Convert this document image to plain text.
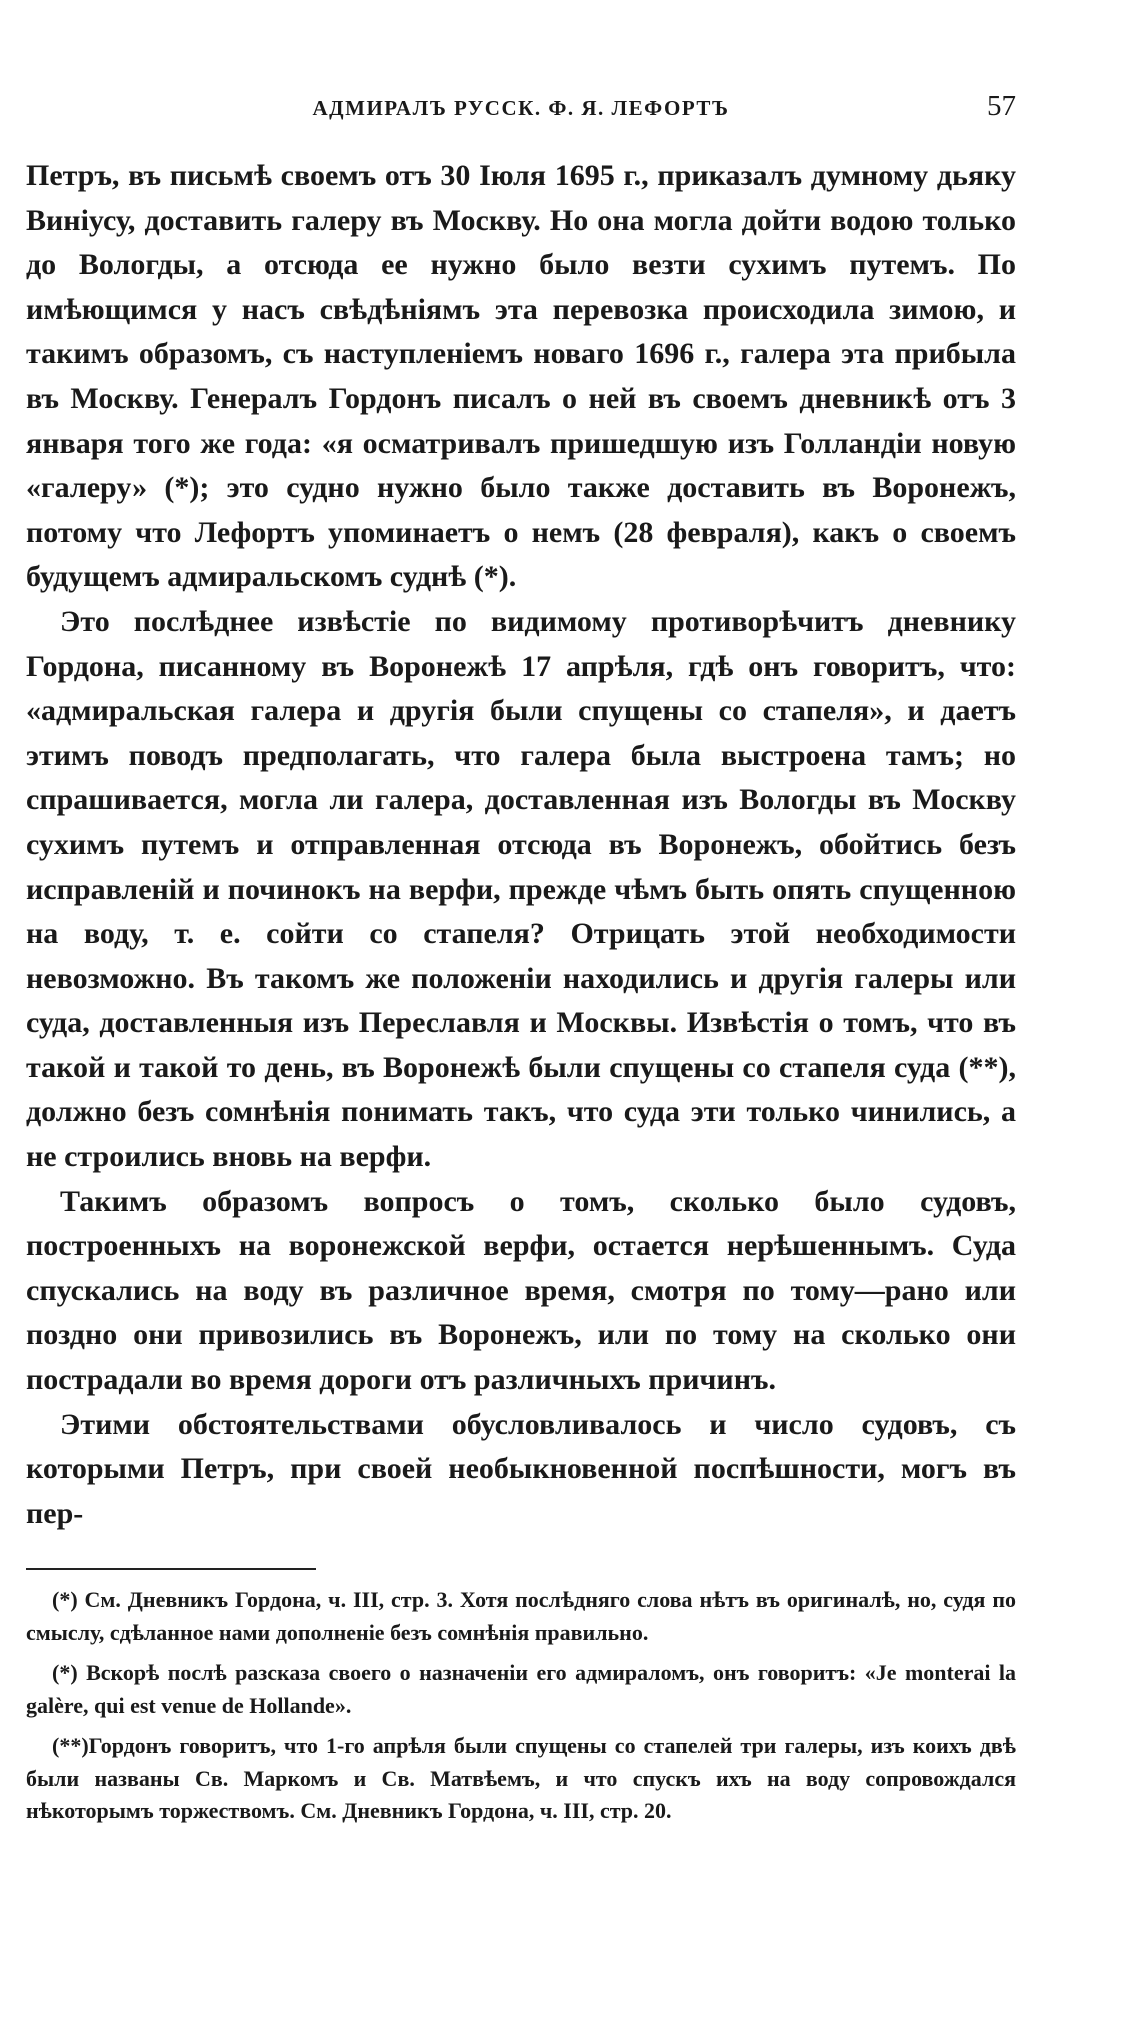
АДМИРАЛЪ РУССК. Ф. Я. ЛЕФОРТЪ	57

Петръ, въ письмѣ своемъ отъ 30 Іюля 1695 г., приказалъ думному дьяку Виніусу, доставить галеру въ Москву. Но она могла дойти водою только до Вологды, а отсюда ее нужно было везти сухимъ путемъ. По имѣющимся у насъ свѣдѣніямъ эта перевозка происходила зимою, и такимъ образомъ, съ наступленіемъ новаго 1696 г., галера эта прибыла въ Москву. Генералъ Гордонъ писалъ о ней въ своемъ дневникѣ отъ 3 января того же года: «я осматривалъ пришедшую изъ Голландіи новую «галеру» (*); это судно нужно было также доставить въ Воронежъ, потому что Лефортъ упоминаетъ о немъ (28 февраля), какъ о своемъ будущемъ адмиральскомъ суднѣ (*).

Это послѣднее извѣстіе по видимому противорѣчитъ дневнику Гордона, писанному въ Воронежѣ 17 апрѣля, гдѣ онъ говоритъ, что: «адмиральская галера и другія были спущены со стапеля», и даетъ этимъ поводъ предполагать, что галера была выстроена тамъ; но спрашивается, могла ли галера, доставленная изъ Вологды въ Москву сухимъ путемъ и отправленная отсюда въ Воронежъ, обойтись безъ исправленій и починокъ на верфи, прежде чѣмъ быть опять спущенною на воду, т. е. сойти со стапеля? Отрицать этой необходимости невозможно. Въ такомъ же положеніи находились и другія галеры или суда, доставленныя изъ Переславля и Москвы. Извѣстія о томъ, что въ такой и такой то день, въ Воронежѣ были спущены со стапеля суда (**), должно безъ сомнѣнія понимать такъ, что суда эти только чинились, а не строились вновь на верфи.

Такимъ образомъ вопросъ о томъ, сколько было судовъ, построенныхъ на воронежской верфи, остается нерѣшеннымъ. Суда спускались на воду въ различное время, смотря по тому—рано или поздно они привозились въ Воронежъ, или по тому на сколько они пострадали во время дороги отъ различныхъ причинъ.

Этими обстоятельствами обусловливалось и число судовъ, съ которыми Петръ, при своей необыкновенной поспѣшности, могъ въ пер-

(*) См. Дневникъ Гордона, ч. III, стр. 3. Хотя послѣдняго слова нѣтъ въ оригиналѣ, но, судя по смыслу, сдѣланное нами дополненіе безъ сомнѣнія правильно.

(*) Вскорѣ послѣ разсказа своего о назначеніи его адмираломъ, онъ говоритъ: «Je monterai la galère, qui est venue de Hollande».

(**)Гордонъ говоритъ, что 1-го апрѣля были спущены со стапелей три галеры, изъ коихъ двѣ были названы Св. Маркомъ и Св. Матвѣемъ, и что спускъ ихъ на воду сопровождался нѣкоторымъ торжествомъ. См. Дневникъ Гордона, ч. III, стр. 20.
